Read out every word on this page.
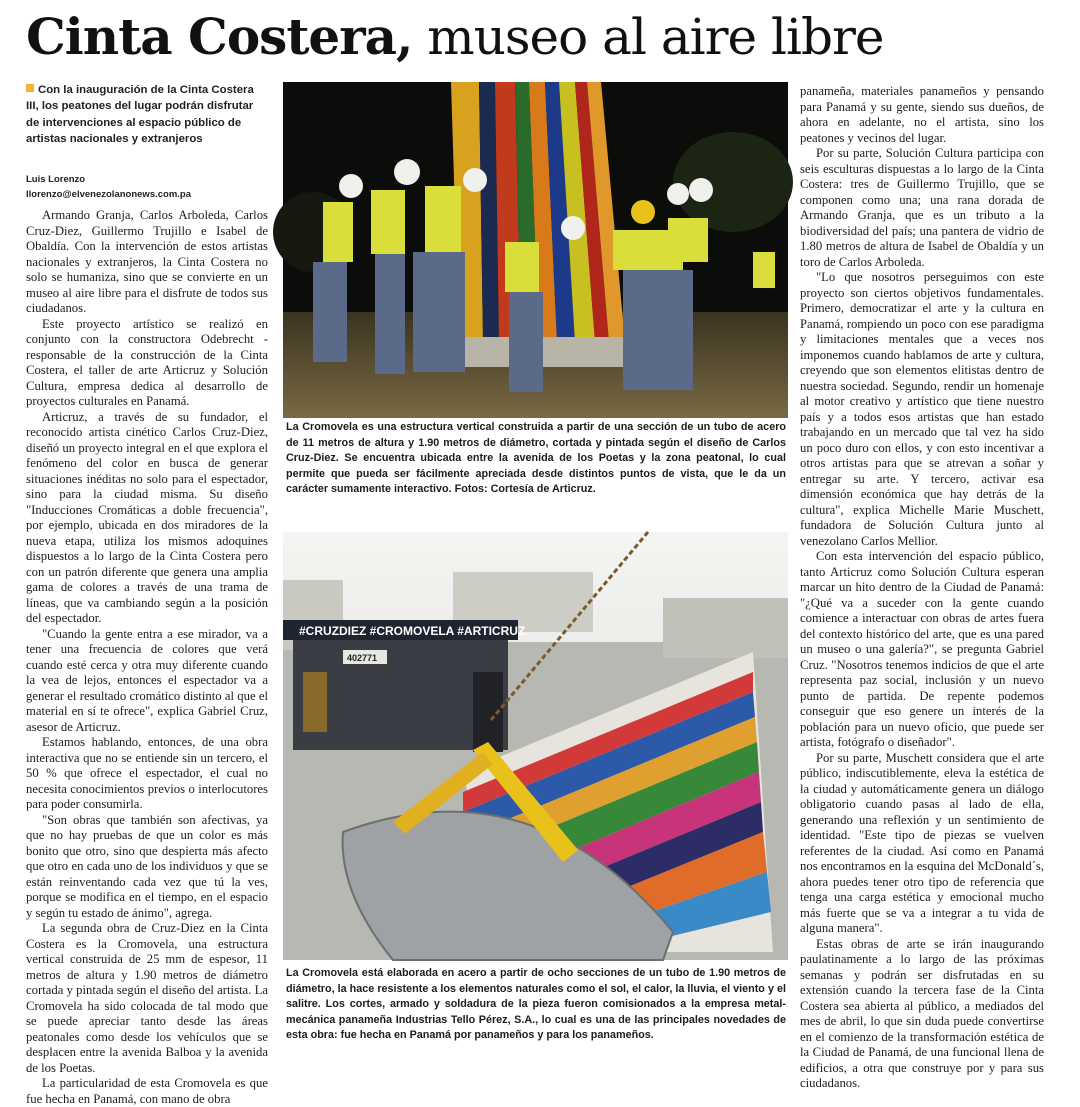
Cinta Costera, museo al aire libre
Con la inauguración de la Cinta Costera III, los peatones del lugar podrán disfrutar de intervenciones al espacio público de artistas nacionales y extranjeros
Luis Lorenzo
llorenzo@elvenezolanonews.com.pa

Armando Granja, Carlos Arboleda, Carlos Cruz-Diez, Guillermo Trujillo e Isabel de Obaldía. Con la intervención de estos artistas nacionales y extranjeros, la Cinta Costera no solo se humaniza, sino que se convierte en un museo al aire libre para el disfrute de todos sus ciudadanos.

Este proyecto artístico se realizó en conjunto con la constructora Odebrecht -responsable de la construcción de la Cinta Costera, el taller de arte Articruz y Solución Cultura, empresa dedica al desarrollo de proyectos culturales en Panamá.

Articruz, a través de su fundador, el reconocido artista cinético Carlos Cruz-Diez, diseñó un proyecto integral en el que explora el fenómeno del color en busca de generar situaciones inéditas no solo para el espectador, sino para la ciudad misma. Su diseño "Inducciones Cromáticas a doble frecuencia", por ejemplo, ubicada en dos miradores de la nueva etapa, utiliza los mismos adoquines dispuestos a lo largo de la Cinta Costera pero con un patrón diferente que genera una amplia gama de colores a través de una trama de líneas, que va cambiando según a la posición del espectador.

"Cuando la gente entra a ese mirador, va a tener una frecuencia de colores que verá cuando esté cerca y otra muy diferente cuando la vea de lejos, entonces el espectador va a generar el resultado cromático distinto al que el material en sí te ofrece", explica Gabriel Cruz, asesor de Articruz.

Estamos hablando, entonces, de una obra interactiva que no se entiende sin un tercero, el 50 % que ofrece el espectador, el cual no necesita conocimientos previos o interlocutores para poder consumirla.

"Son obras que también son afectivas, ya que no hay pruebas de que un color es más bonito que otro, sino que despierta más afecto que otro en cada uno de los individuos y que se están reinventando cada vez que tú la ves, porque se modifica en el tiempo, en el espacio y según tu estado de ánimo", agrega.

La segunda obra de Cruz-Diez en la Cinta Costera es la Cromovela, una estructura vertical construida de 25 mm de espesor, 11 metros de altura y 1.90 metros de diámetro cortada y pintada según el diseño del artista. La Cromovela ha sido colocada de tal modo que se puede apreciar tanto desde las áreas peatonales como desde los vehículos que se desplacen entre la avenida Balboa y la avenida de los Poetas.

La particularidad de esta Cromovela es que fue hecha en Panamá, con mano de obra

La Cromovela es una estructura vertical construida a partir de una sección de un tubo de acero de 11 metros de altura y 1.90 metros de diámetro, cortada y pintada según el diseño de Carlos Cruz-Diez. Se encuentra ubicada entre la avenida de los Poetas y la zona peatonal, lo cual permite que pueda ser fácilmente apreciada desde distintos puntos de vista, que le da un carácter sumamente interactivo. Fotos: Cortesía de Articruz.
#CRUZDIEZ #CROMOVELA #ARTICRUZ
402771
La Cromovela está elaborada en acero a partir de ocho secciones de un tubo de 1.90 metros de diámetro, la hace resistente a los elementos naturales como el sol, el calor, la lluvia, el viento y el salitre. Los cortes, armado y soldadura de la pieza fueron comisionados a la empresa metal-mecánica panameña Industrias Tello Pérez, S.A., lo cual es una de las principales novedades de esta obra: fue hecha en Panamá por panameños y para los panameños.

panameña, materiales panameños y pensando para Panamá y su gente, siendo sus dueños, de ahora en adelante, no el artista, sino los peatones y vecinos del lugar.

Por su parte, Solución Cultura participa con seis esculturas dispuestas a lo largo de la Cinta Costera: tres de Guillermo Trujillo, que se componen como una; una rana dorada de Armando Granja, que es un tributo a la biodiversidad del país; una pantera de vidrio de 1.80 metros de altura de Isabel de Obaldía y un toro de Carlos Arboleda.

"Lo que nosotros perseguimos con este proyecto son ciertos objetivos fundamentales. Primero, democratizar el arte y la cultura en Panamá, rompiendo un poco con ese paradigma y limitaciones mentales que a veces nos imponemos cuando hablamos de arte y cultura, creyendo que son elementos elitistas dentro de nuestra sociedad. Segundo, rendir un homenaje al motor creativo y artístico que tiene nuestro país y a todos esos artistas que han estado trabajando en un mercado que tal vez ha sido un poco duro con ellos, y con esto incentivar a otros artistas para que se atrevan a soñar y entregar su arte. Y tercero, activar esa dimensión económica que hay detrás de la cultura", explica Michelle Marie Muschett, fundadora de Solución Cultura junto al venezolano Carlos Mellior.

Con esta intervención del espacio público, tanto Articruz como Solución Cultura esperan marcar un hito dentro de la Ciudad de Panamá: "¿Qué va a suceder con la gente cuando comience a interactuar con obras de artes fuera del contexto histórico del arte, que es una pared un museo o una galería?", se pregunta Gabriel Cruz. "Nosotros tenemos indicios de que el arte representa paz social, inclusión y un nuevo punto de partida. De repente podemos conseguir que eso genere un interés de la población para un nuevo oficio, que puede ser artista, fotógrafo o diseñador".

Por su parte, Muschett considera que el arte público, indiscutiblemente, eleva la estética de la ciudad y automáticamente genera un diálogo obligatorio cuando pasas al lado de ella, generando una reflexión y un sentimiento de identidad. "Este tipo de piezas se vuelven referentes de la ciudad. Así como en Panamá nos encontramos en la esquina del McDonald´s, ahora puedes tener otro tipo de referencia que tenga una carga estética y emocional mucho más fuerte que se va a integrar a tu vida de alguna manera".

Estas obras de arte se irán inaugurando paulatinamente a lo largo de las próximas semanas y podrán ser disfrutadas en su extensión cuando la tercera fase de la Cinta Costera sea abierta al público, a mediados del mes de abril, lo que sin duda puede convertirse en el comienzo de la transformación estética de la Ciudad de Panamá, de una funcional llena de edificios, a otra que construye por y para sus ciudadanos.
